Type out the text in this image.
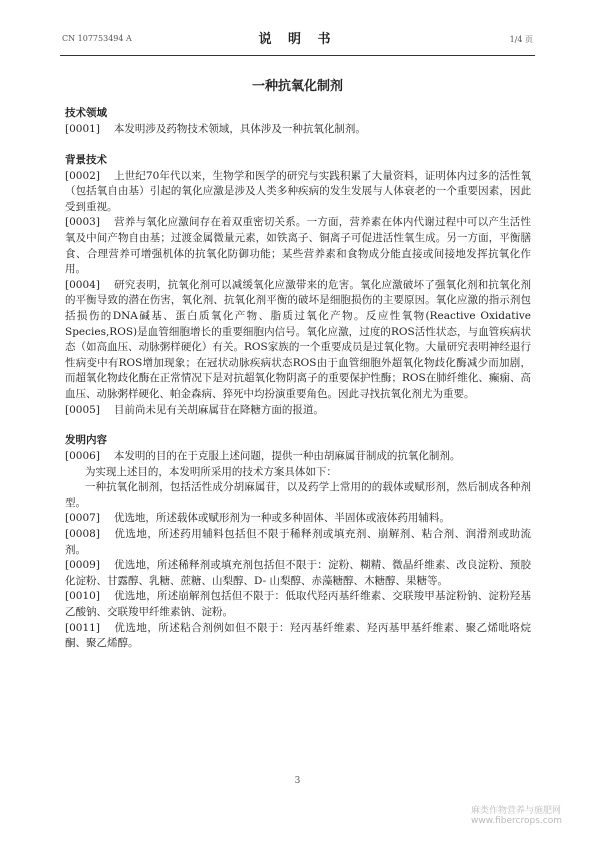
CN 107753494 A	说 明 书	1/4 页
一种抗氧化制剂
技术领域
[0001] 本发明涉及药物技术领域，具体涉及一种抗氧化制剂。
背景技术
[0002] 上世纪70年代以来，生物学和医学的研究与实践积累了大量资料，证明体内过多的活性氧（包括氧自由基）引起的氧化应激是涉及人类多种疾病的发生发展与人体衰老的一个重要因素，因此受到重视。
[0003] 营养与氧化应激间存在着双重密切关系。一方面，营养素在体内代谢过程中可以产生活性氧及中间产物自由基；过渡金属微量元素，如铁离子、铜离子可促进活性氧生成。另一方面，平衡膳食、合理营养可增强机体的抗氧化防御功能；某些营养素和食物成分能直接或间接地发挥抗氧化作用。
[0004] 研究表明，抗氧化剂可以减缓氧化应激带来的危害。氧化应激破坏了强氧化剂和抗氧化剂的平衡导致的潜在伤害，氧化剂、抗氧化剂平衡的破坏是细胞损伤的主要原因。氧化应激的指示剂包括损伤的DNA碱基、蛋白质氧化产物、脂质过氧化产物。反应性氧物(Reactive Oxidative Species,ROS)是血管细胞增长的重要细胞内信号。氧化应激，过度的ROS活性状态，与血管疾病状态（如高血压、动脉粥样硬化）有关。ROS家族的一个重要成员是过氧化物。大量研究表明神经退行性病变中有ROS增加现象；在冠状动脉疾病状态ROS由于血管细胞外超氧化物歧化酶减少而加剧，而超氧化物歧化酶在正常情况下是对抗超氧化物阴离子的重要保护性酶；ROS在肺纤维化、癫痫、高血压、动脉粥样硬化、帕金森病、猝死中均扮演重要角色。因此寻找抗氧化剂尤为重要。
[0005] 目前尚未见有关胡麻属苷在降糖方面的报道。
发明内容
[0006] 本发明的目的在于克服上述问题，提供一种由胡麻属苷制成的抗氧化制剂。
为实现上述目的，本发明所采用的技术方案具体如下：
一种抗氧化制剂，包括活性成分胡麻属苷，以及药学上常用的的载体或赋形剂，然后制成各种剂型。
[0007] 优选地，所述载体或赋形剂为一种或多种固体、半固体或液体药用辅料。
[0008] 优选地，所述药用辅料包括但不限于稀释剂或填充剂、崩解剂、粘合剂、润滑剂或助流剂。
[0009] 优选地，所述稀释剂或填充剂包括但不限于：淀粉、糊精、微晶纤维素、改良淀粉、预胶化淀粉、甘露醇、乳糖、蔗糖、山梨醇、D- 山梨醇、赤藻糖醇、木糖醇、果糖等。
[0010] 优选地，所述崩解剂包括但不限于：低取代羟丙基纤维素、交联羧甲基淀粉钠、淀粉羟基乙酸钠、交联羧甲纤维素钠、淀粉。
[0011] 优选地，所述粘合剂例如但不限于：羟丙基纤维素、羟丙基甲基纤维素、聚乙烯吡咯烷酮、聚乙烯醇。
3
麻类作物营养与施肥网
www.fibercrops.com
